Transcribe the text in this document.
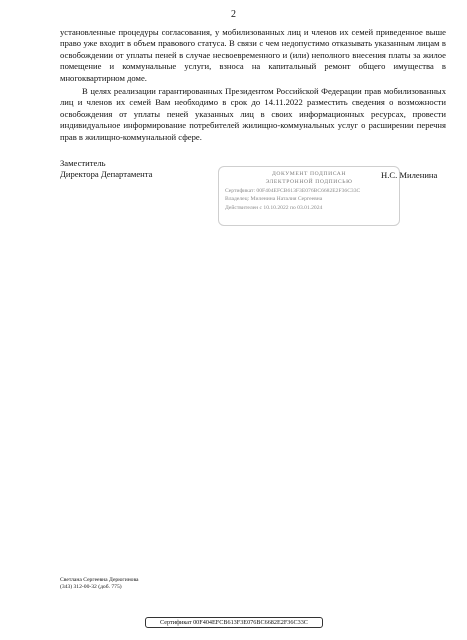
2

установленные процедуры согласования, у мобилизованных лиц и членов их семей приведенное выше право уже входит в объем правового статуса. В связи с чем недопустимо отказывать указанным лицам в освобождении от уплаты пеней в случае несвоевременного и (или) неполного внесения платы за жилое помещение и коммунальные услуги, взноса на капитальный ремонт общего имущества в многоквартирном доме.

В целях реализации гарантированных Президентом Российской Федерации прав мобилизованных лиц и членов их семей Вам необходимо в срок до 14.11.2022 разместить сведения о возможности освобождения от уплаты пеней указанных лиц в своих информационных ресурсах, провести индивидуальное информирование потребителей жилищно-коммунальных услуг о расширении перечня прав в жилищно-коммунальной сфере.

Заместитель
Директора Департамента	ДОКУМЕНТ ПОДПИСАН
ЭЛЕКТРОННОЙ ПОДПИСЬЮ
Сертификат: 00F404EFCB613F3E076BC6682E2F36C33C
Владелец: Миленина Наталия Сергеевна
Действителен с 10.10.2022 по 03.01.2024
Н.С. Миленина
Светлана Сергеевна Дерюгинова
(343) 312-00-32 (доб. 775)
Сертификат 00F404EFCB613F3E076BC6682E2F36C33C
